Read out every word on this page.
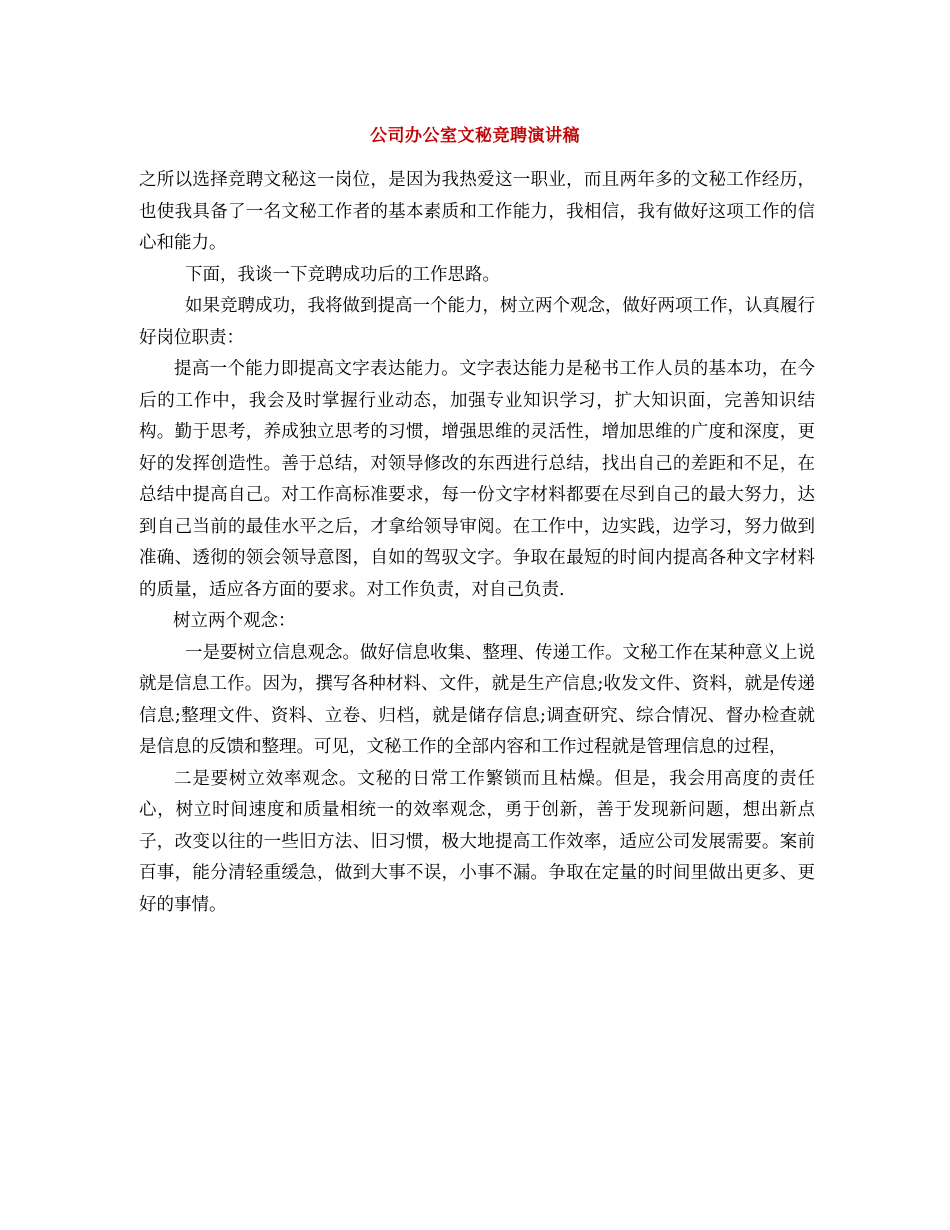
公司办公室文秘竞聘演讲稿

之所以选择竞聘文秘这一岗位，是因为我热爱这一职业，而且两年多的文秘工作经历，也使我具备了一名文秘工作者的基本素质和工作能力，我相信，我有做好这项工作的信心和能力。

下面，我谈一下竞聘成功后的工作思路。

如果竞聘成功，我将做到提高一个能力，树立两个观念，做好两项工作，认真履行好岗位职责：

提高一个能力即提高文字表达能力。文字表达能力是秘书工作人员的基本功，在今后的工作中，我会及时掌握行业动态，加强专业知识学习，扩大知识面，完善知识结构。勤于思考，养成独立思考的习惯，增强思维的灵活性，增加思维的广度和深度，更好的发挥创造性。善于总结，对领导修改的东西进行总结，找出自己的差距和不足，在总结中提高自己。对工作高标准要求，每一份文字材料都要在尽到自己的最大努力，达到自己当前的最佳水平之后，才拿给领导审阅。在工作中，边实践，边学习，努力做到准确、透彻的领会领导意图，自如的驾驭文字。争取在最短的时间内提高各种文字材料的质量，适应各方面的要求。对工作负责，对自己负责.

树立两个观念：

一是要树立信息观念。做好信息收集、整理、传递工作。文秘工作在某种意义上说就是信息工作。因为，撰写各种材料、文件，就是生产信息;收发文件、资料，就是传递信息;整理文件、资料、立卷、归档，就是储存信息;调查研究、综合情况、督办检查就是信息的反馈和整理。可见，文秘工作的全部内容和工作过程就是管理信息的过程，

二是要树立效率观念。文秘的日常工作繁锁而且枯燥。但是，我会用高度的责任心，树立时间速度和质量相统一的效率观念，勇于创新，善于发现新问题，想出新点子，改变以往的一些旧方法、旧习惯，极大地提高工作效率，适应公司发展需要。案前百事，能分清轻重缓急，做到大事不误，小事不漏。争取在定量的时间里做出更多、更好的事情。
